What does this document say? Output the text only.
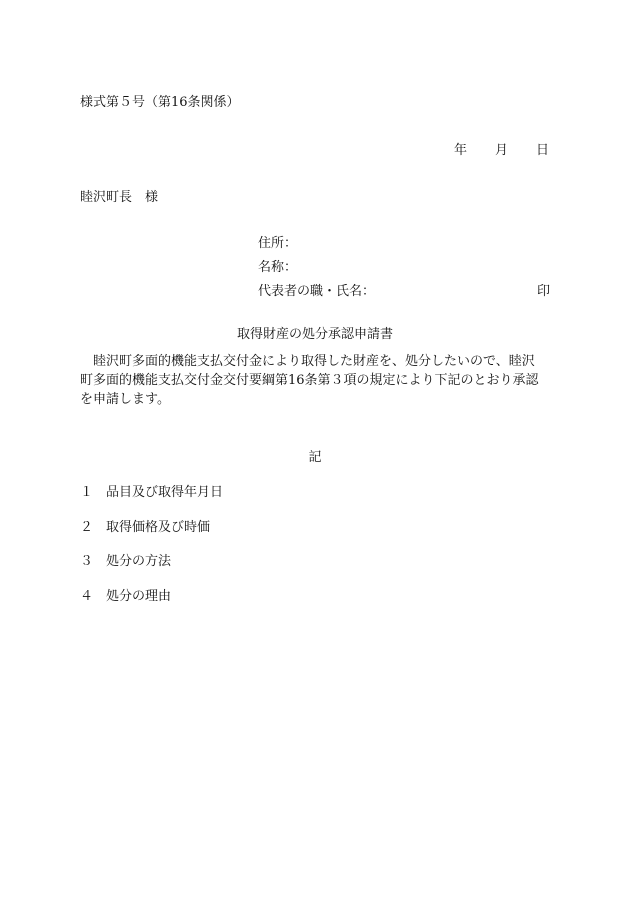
様式第５号（第16条関係）
年 月 日
睦沢町長　様
住所：
名称：
代表者の職・氏名：	印
取得財産の処分承認申請書
　睦沢町多面的機能支払交付金により取得した財産を、処分したいので、睦沢
町多面的機能支払交付金交付要綱第16条第３項の規定により下記のとおり承認
を申請します。
記
１ 品目及び取得年月日
２ 取得価格及び時価
３ 処分の方法
４ 処分の理由
